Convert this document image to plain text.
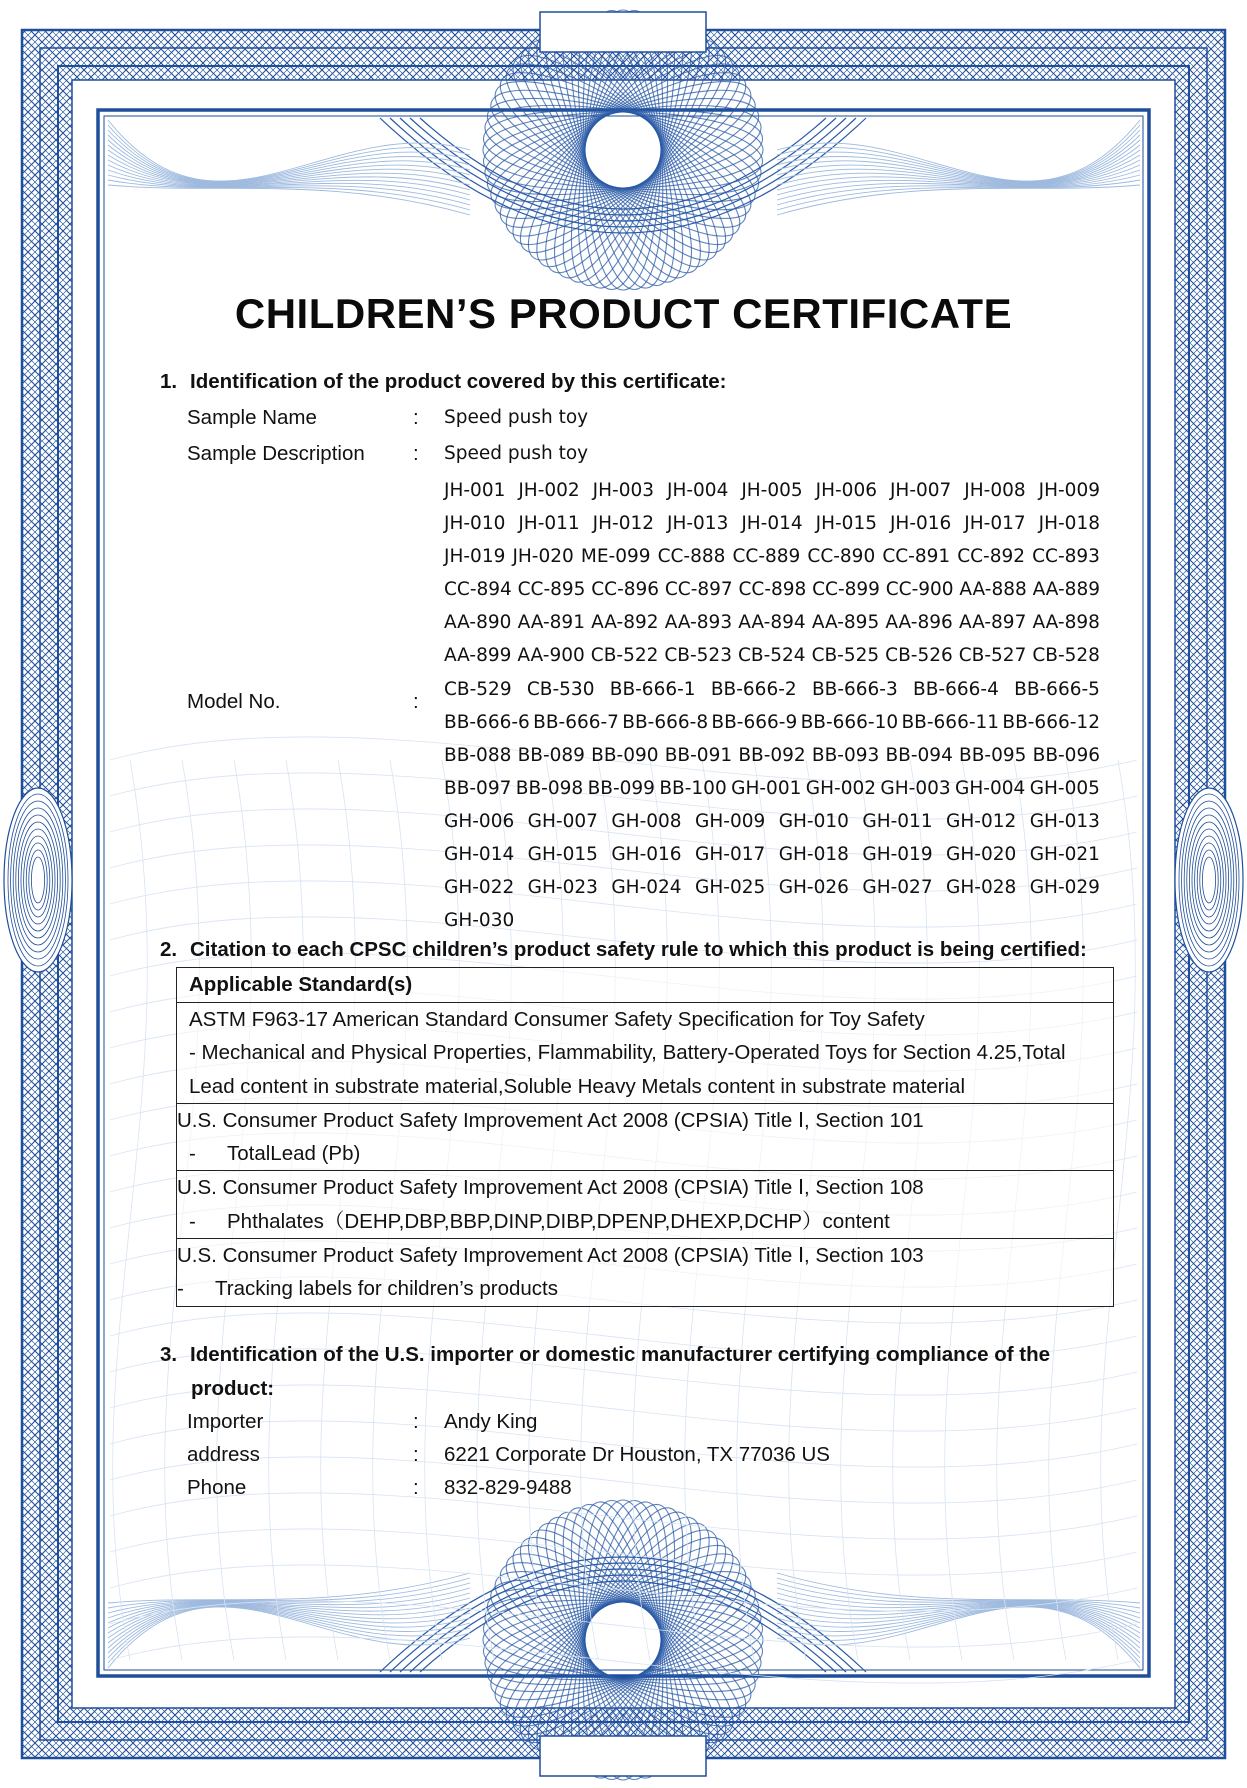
CHILDREN’S PRODUCT CERTIFICATE
1. Identification of the product covered by this certificate:
Sample Name	: Speed push toy
Sample Description : Speed push toy
Model No.	:
JH-001 JH-002 JH-003 JH-004 JH-005 JH-006 JH-007 JH-008 JH-009
JH-010 JH-011 JH-012 JH-013 JH-014 JH-015 JH-016 JH-017 JH-018
JH-019 JH-020 ME-099 CC-888 CC-889 CC-890 CC-891 CC-892 CC-893
CC-894 CC-895 CC-896 CC-897 CC-898 CC-899 CC-900 AA-888 AA-889
AA-890 AA-891 AA-892 AA-893 AA-894 AA-895 AA-896 AA-897 AA-898
AA-899 AA-900 CB-522 CB-523 CB-524 CB-525 CB-526 CB-527 CB-528
CB-529 CB-530 BB-666-1 BB-666-2 BB-666-3 BB-666-4 BB-666-5
BB-666-6 BB-666-7 BB-666-8 BB-666-9 BB-666-10 BB-666-11 BB-666-12
BB-088 BB-089 BB-090 BB-091 BB-092 BB-093 BB-094 BB-095 BB-096
BB-097 BB-098 BB-099 BB-100 GH-001 GH-002 GH-003 GH-004 GH-005
GH-006 GH-007 GH-008 GH-009 GH-010 GH-011 GH-012 GH-013
GH-014 GH-015 GH-016 GH-017 GH-018 GH-019 GH-020 GH-021
GH-022 GH-023 GH-024 GH-025 GH-026 GH-027 GH-028 GH-029
GH-030
2. Citation to each CPSC children’s product safety rule to which this product is being certified:
Applicable Standard(s)
ASTM F963-17 American Standard Consumer Safety Specification for Toy Safety
- Mechanical and Physical Properties, Flammability, Battery-Operated Toys for Section 4.25,Total
Lead content in substrate material,Soluble Heavy Metals content in substrate material
U.S. Consumer Product Safety Improvement Act 2008 (CPSIA) Title Ⅰ, Section 101
- TotalLead (Pb)
U.S. Consumer Product Safety Improvement Act 2008 (CPSIA) Title Ⅰ, Section 108
- Phthalates（DEHP,DBP,BBP,DINP,DIBP,DPENP,DHEXP,DCHP）content
U.S. Consumer Product Safety Improvement Act 2008 (CPSIA) Title Ⅰ, Section 103
- Tracking labels for children’s products
3. Identification of the U.S. importer or domestic manufacturer certifying compliance of the
product:
Importer	: Andy King
address	: 6221 Corporate Dr Houston, TX 77036 US
Phone	: 832-829-9488
